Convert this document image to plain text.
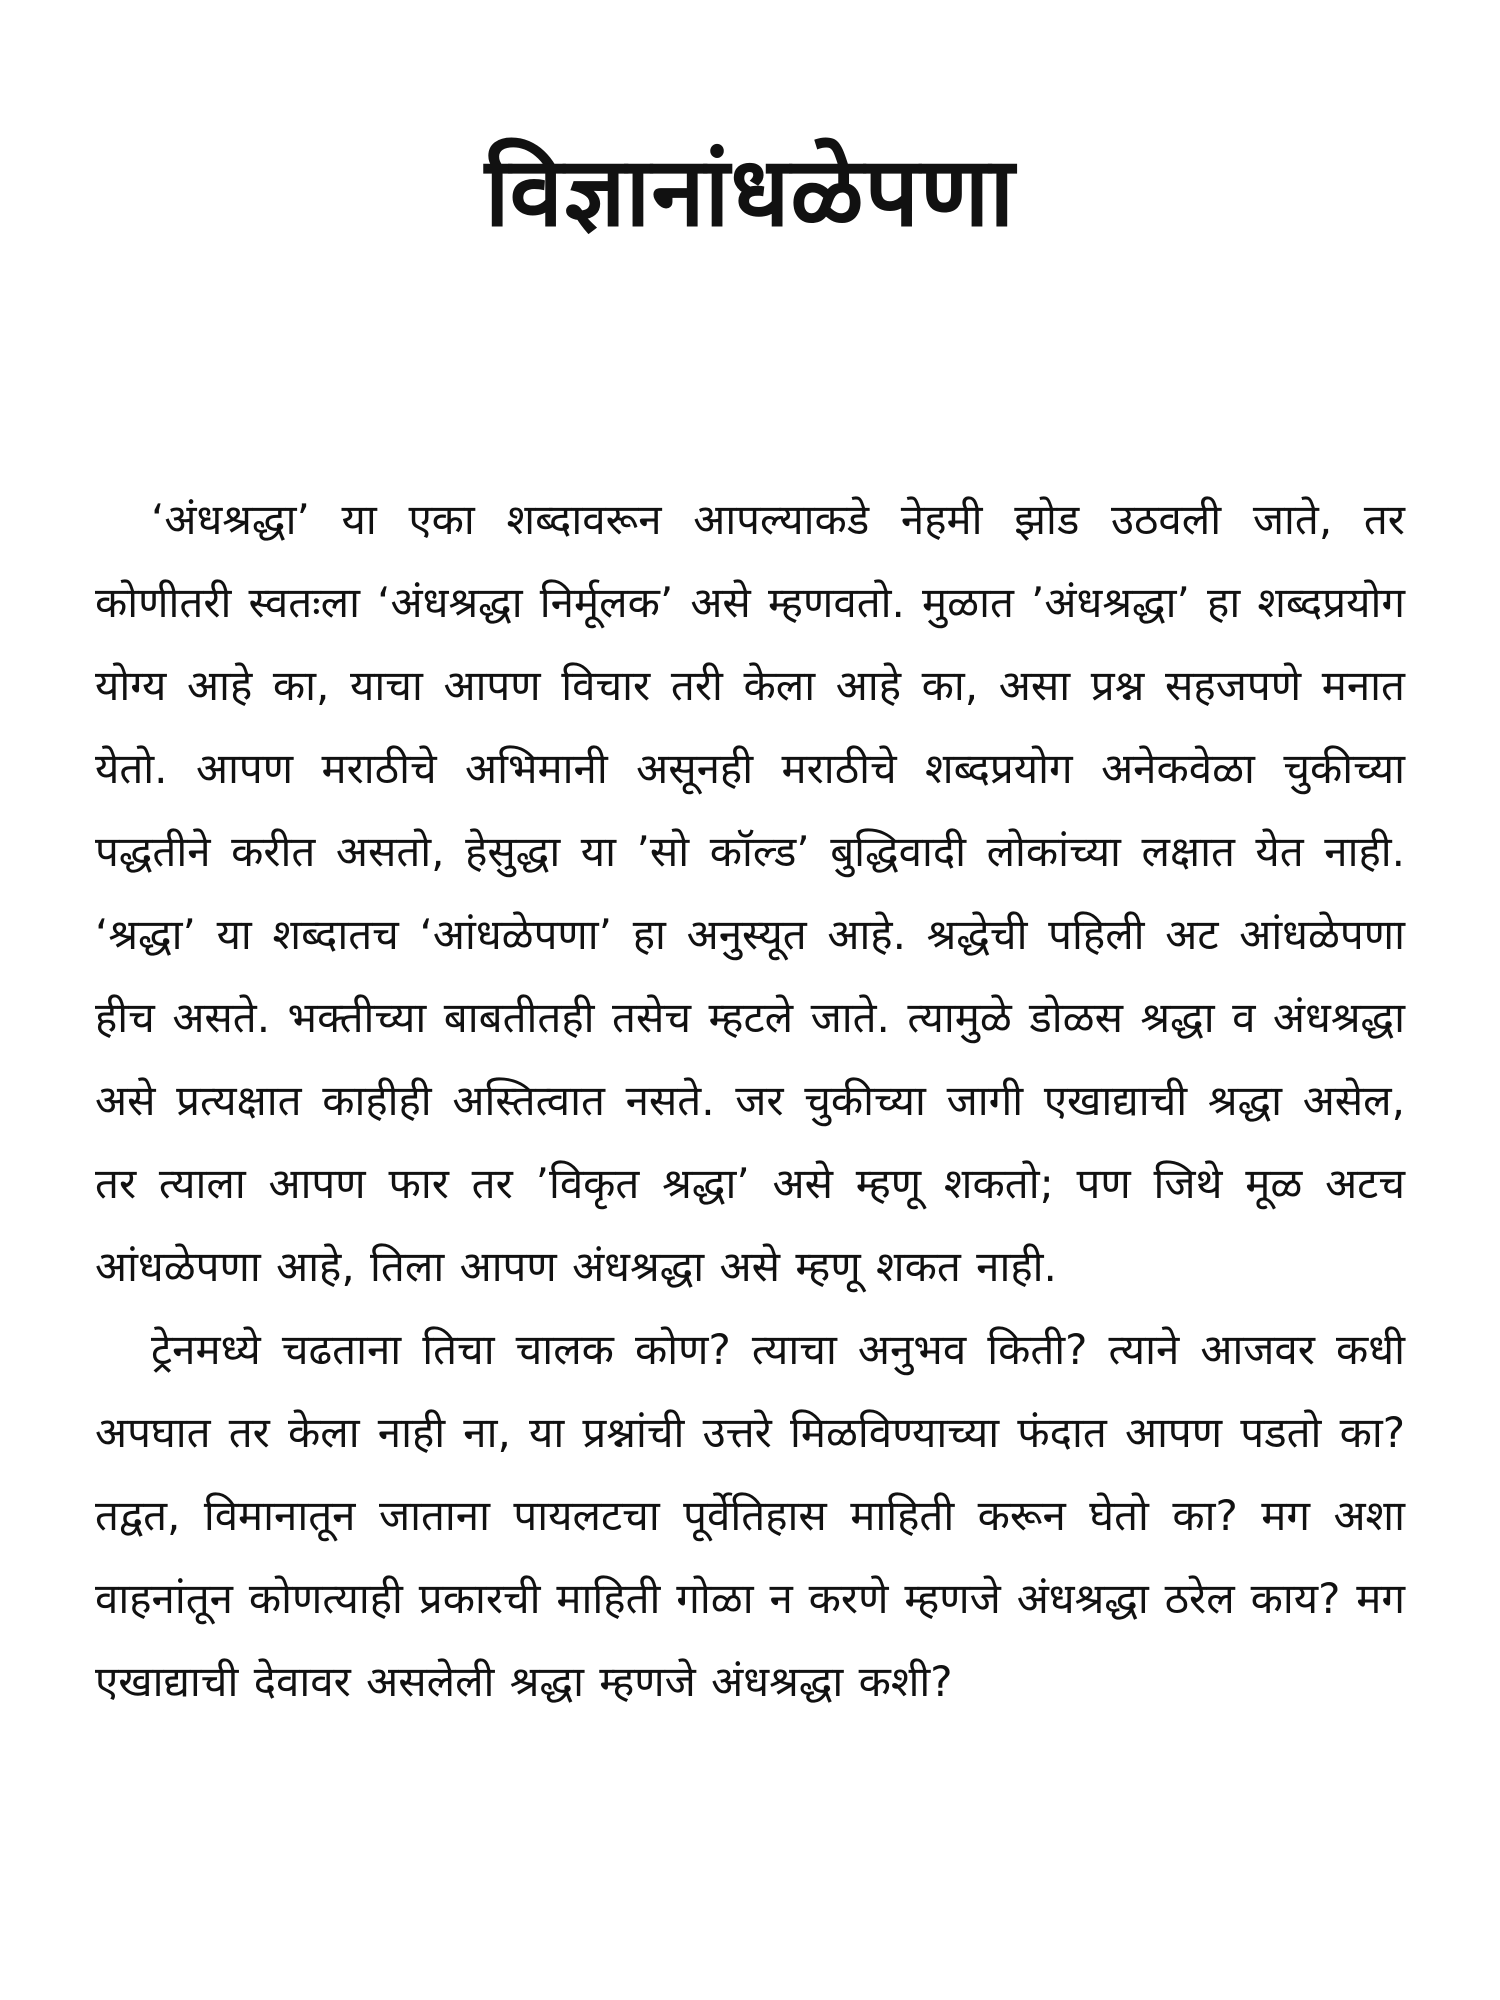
विज्ञानांधळेपणा

‘अंधश्रद्धा’ या एका शब्दावरून आपल्याकडे नेहमी झोड उठवली जाते, तर कोणीतरी स्वतःला ‘अंधश्रद्धा निर्मूलक’ असे म्हणवतो. मुळात ’अंधश्रद्धा’ हा शब्दप्रयोग योग्य आहे का, याचा आपण विचार तरी केला आहे का, असा प्रश्न सहजपणे मनात येतो. आपण मराठीचे अभिमानी असूनही मराठीचे शब्दप्रयोग अनेकवेळा चुकीच्या पद्धतीने करीत असतो, हेसुद्धा या ’सो कॉल्ड’ बुद्धिवादी लोकांच्या लक्षात येत नाही. ‘श्रद्धा’ या शब्दातच ‘आंधळेपणा’ हा अनुस्यूत आहे. श्रद्धेची पहिली अट आंधळेपणा हीच असते. भक्तीच्या बाबतीतही तसेच म्हटले जाते. त्यामुळे डोळस श्रद्धा व अंधश्रद्धा असे प्रत्यक्षात काहीही अस्तित्वात नसते. जर चुकीच्या जागी एखाद्याची श्रद्धा असेल, तर त्याला आपण फार तर ’विकृत श्रद्धा’ असे म्हणू शकतो; पण जिथे मूळ अटच आंधळेपणा आहे, तिला आपण अंधश्रद्धा असे म्हणू शकत नाही.

ट्रेनमध्ये चढताना तिचा चालक कोण? त्याचा अनुभव किती? त्याने आजवर कधी अपघात तर केला नाही ना, या प्रश्नांची उत्तरे मिळविण्याच्या फंदात आपण पडतो का? तद्वत, विमानातून जाताना पायलटचा पूर्वेतिहास माहिती करून घेतो का? मग अशा वाहनांतून कोणत्याही प्रकारची माहिती गोळा न करणे म्हणजे अंधश्रद्धा ठरेल काय? मग एखाद्याची देवावर असलेली श्रद्धा म्हणजे अंधश्रद्धा कशी?
